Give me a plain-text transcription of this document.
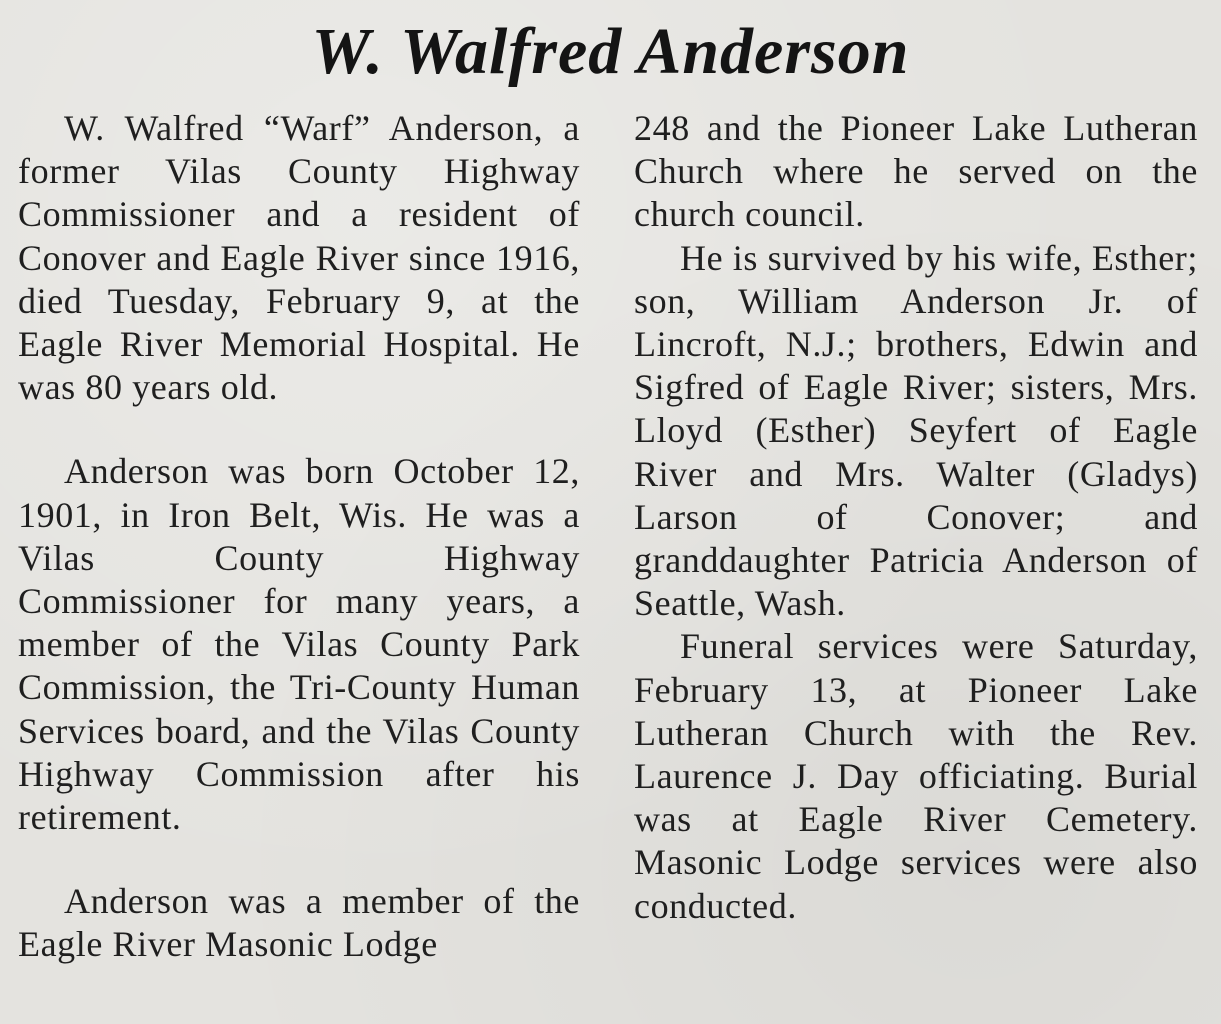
W. Walfred Anderson

W. Walfred “Warf” Anderson, a former Vilas County Highway Commissioner and a resident of Conover and Eagle River since 1916, died Tuesday, February 9, at the Eagle River Memorial Hospital. He was 80 years old.

Anderson was born October 12, 1901, in Iron Belt, Wis. He was a Vilas County Highway Commissioner for many years, a member of the Vilas County Park Commission, the Tri-County Human Services board, and the Vilas County Highway Commission after his retirement.

Anderson was a member of the Eagle River Masonic Lodge

248 and the Pioneer Lake Lutheran Church where he served on the church council.

He is survived by his wife, Esther; son, William Anderson Jr. of Lincroft, N.J.; brothers, Edwin and Sigfred of Eagle River; sisters, Mrs. Lloyd (Esther) Seyfert of Eagle River and Mrs. Walter (Gladys) Larson of Conover; and granddaughter Patricia Anderson of Seattle, Wash.

Funeral services were Saturday, February 13, at Pioneer Lake Lutheran Church with the Rev. Laurence J. Day officiating. Burial was at Eagle River Cemetery. Masonic Lodge services were also conducted.
